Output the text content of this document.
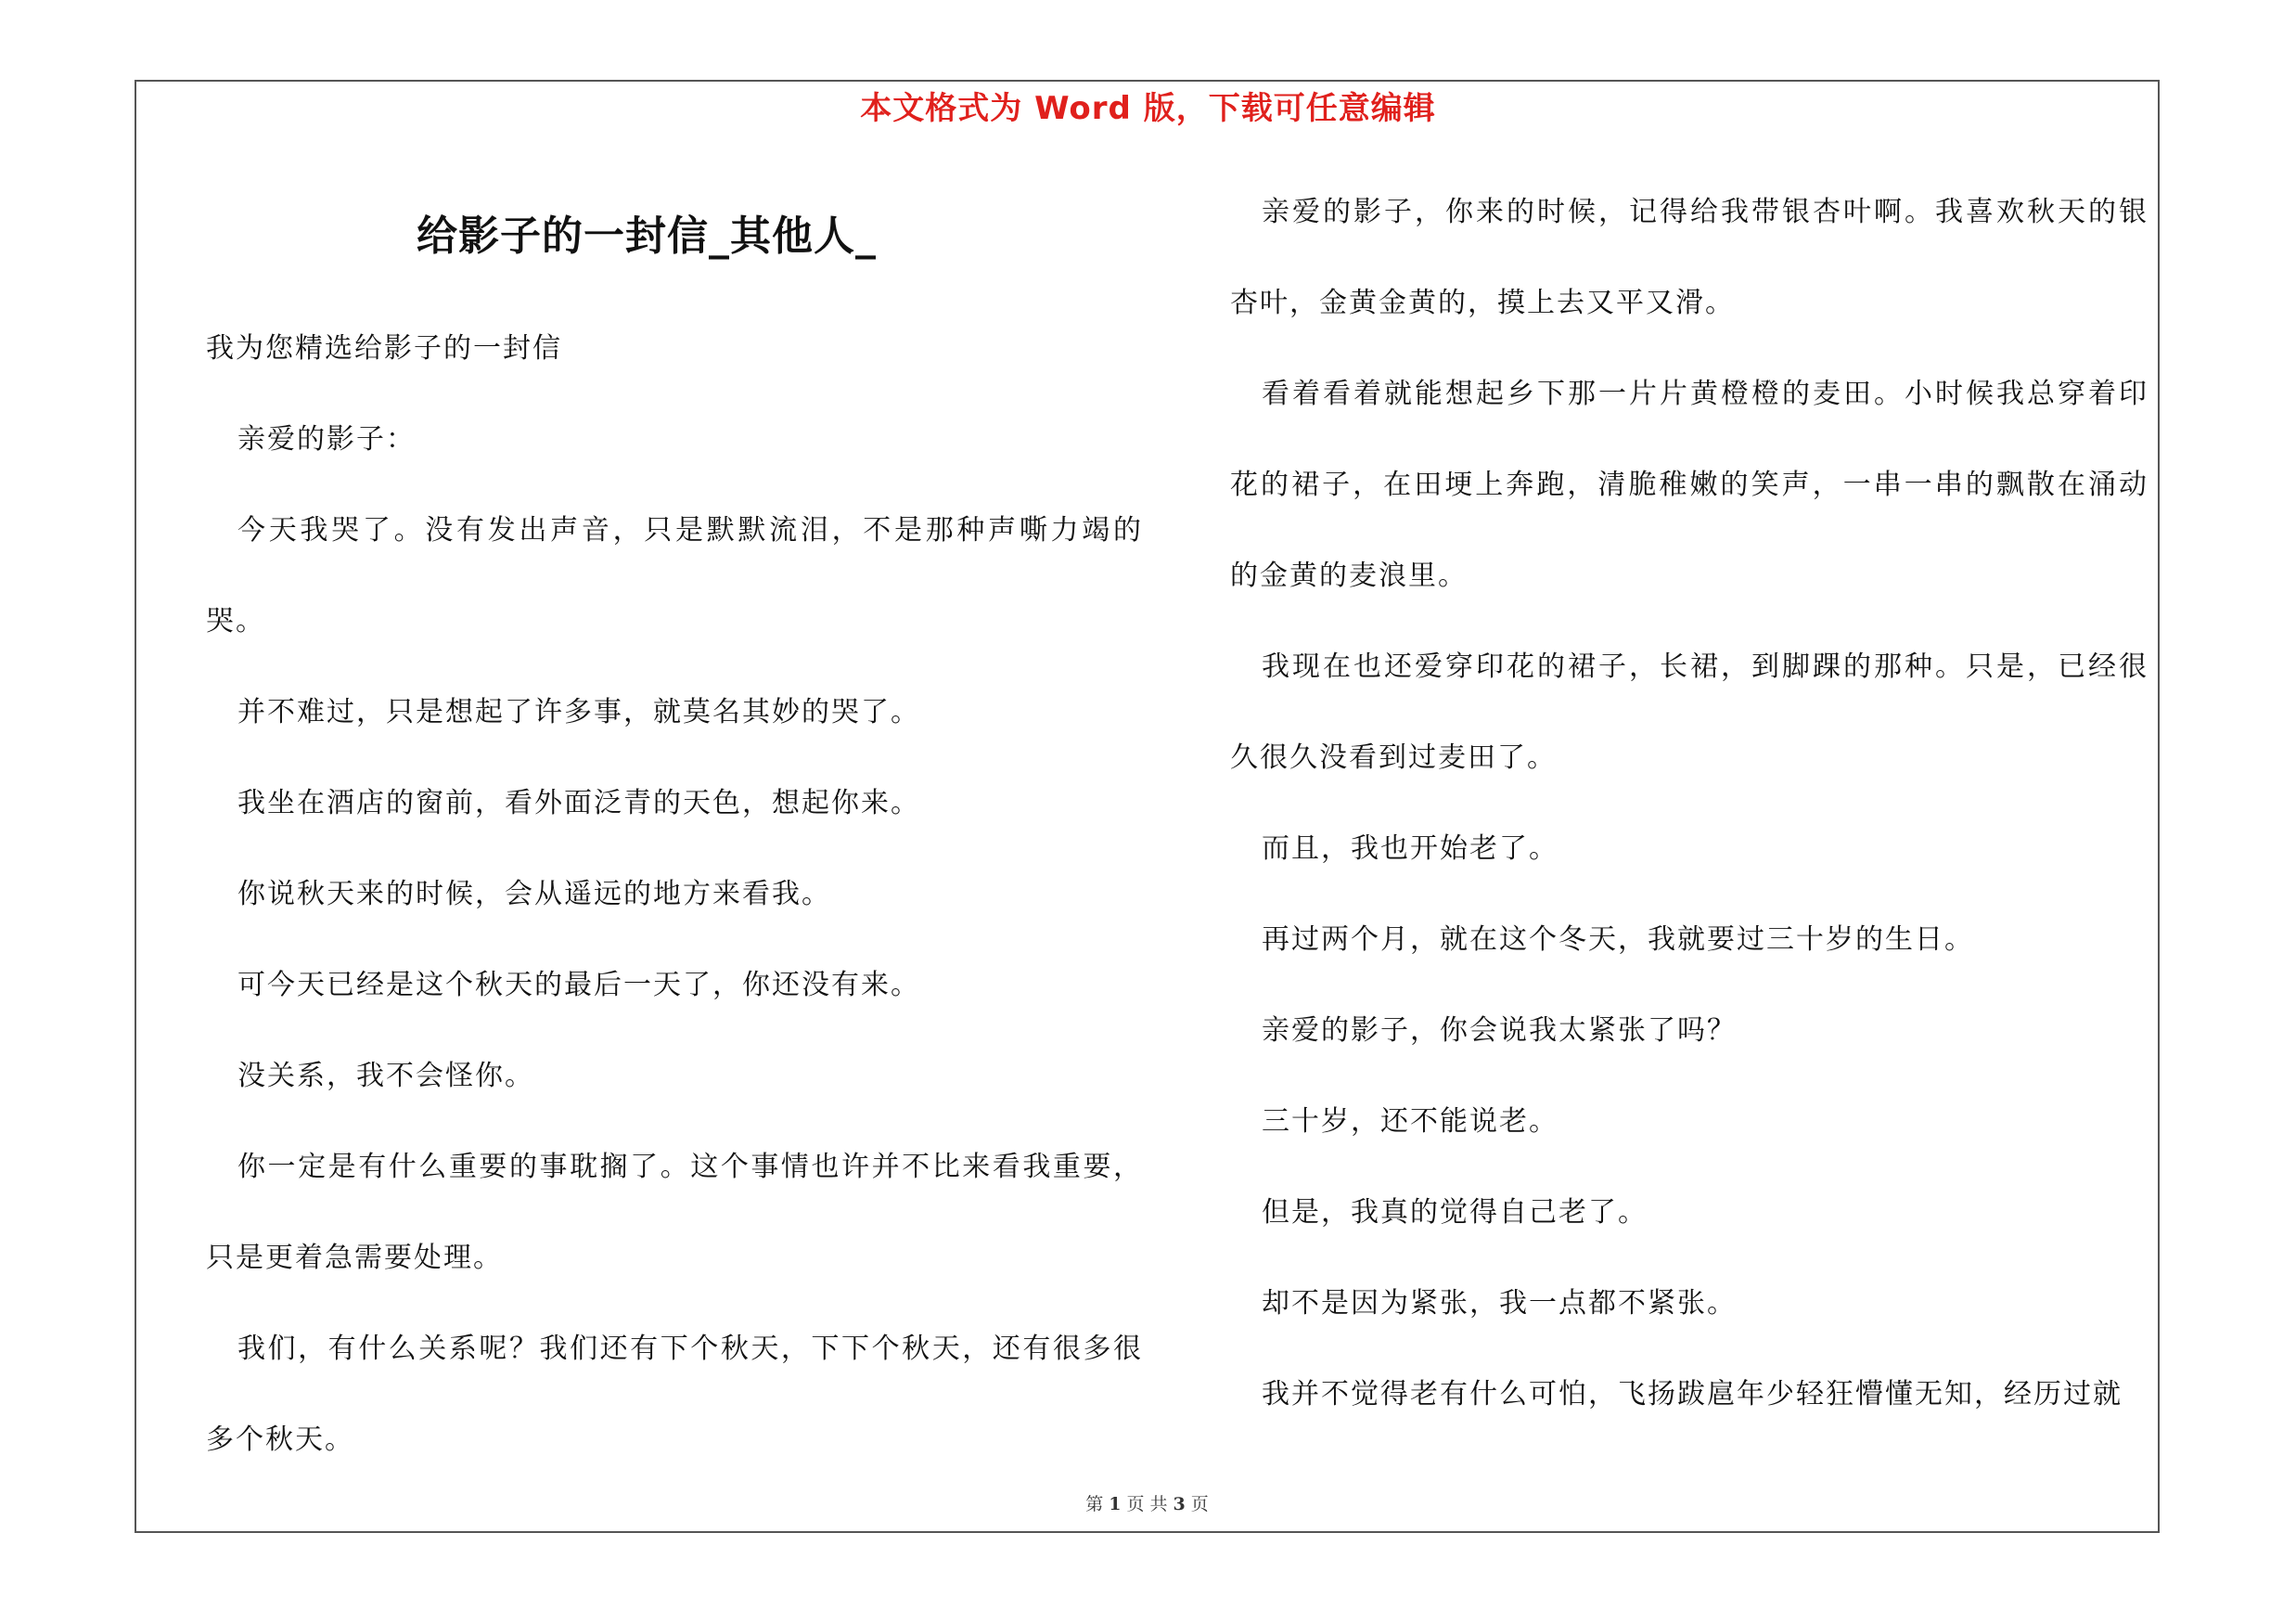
本文格式为 Word 版，下载可任意编辑
给影子的一封信_其他人_

我为您精选给影子的一封信

亲爱的影子：

今天我哭了。没有发出声音，只是默默流泪，不是那种声嘶力竭的哭。

并不难过，只是想起了许多事，就莫名其妙的哭了。

我坐在酒店的窗前，看外面泛青的天色，想起你来。

你说秋天来的时候，会从遥远的地方来看我。

可今天已经是这个秋天的最后一天了，你还没有来。

没关系，我不会怪你。

你一定是有什么重要的事耽搁了。这个事情也许并不比来看我重要，只是更着急需要处理。

我们，有什么关系呢？我们还有下个秋天，下下个秋天，还有很多很多个秋天。

亲爱的影子，你来的时候，记得给我带银杏叶啊。我喜欢秋天的银杏叶，金黄金黄的，摸上去又平又滑。

看着看着就能想起乡下那一片片黄橙橙的麦田。小时候我总穿着印花的裙子，在田埂上奔跑，清脆稚嫩的笑声，一串一串的飘散在涌动的金黄的麦浪里。

我现在也还爱穿印花的裙子，长裙，到脚踝的那种。只是，已经很久很久没看到过麦田了。

而且，我也开始老了。

再过两个月，就在这个冬天，我就要过三十岁的生日。

亲爱的影子，你会说我太紧张了吗？

三十岁，还不能说老。

但是，我真的觉得自己老了。

却不是因为紧张，我一点都不紧张。

我并不觉得老有什么可怕，飞扬跋扈年少轻狂懵懂无知，经历过就

第 1 页 共 3 页
